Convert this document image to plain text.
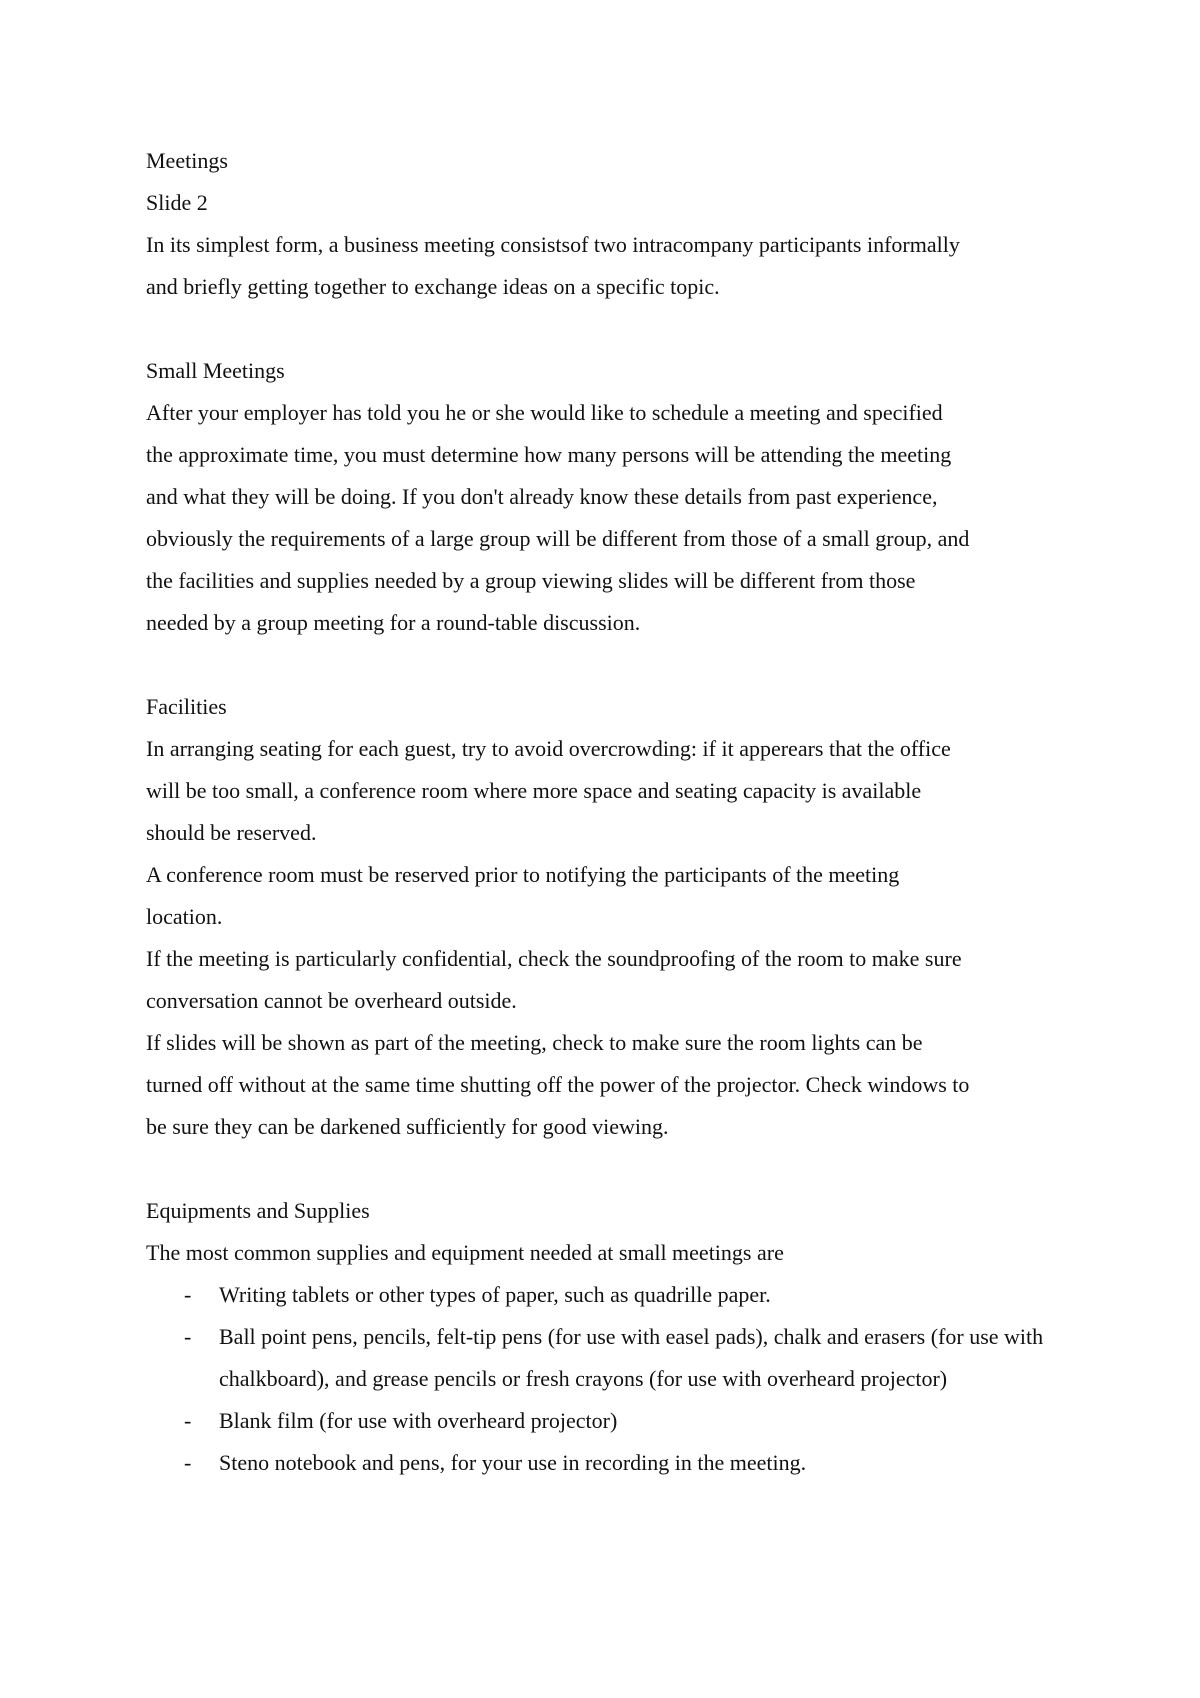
Meetings

Slide 2

In its simplest form, a business meeting consistsof two intracompany participants informally

and briefly getting together to exchange ideas on a specific topic.

Small Meetings

After your employer has told you he or she would like to schedule a meeting and specified

the approximate time, you must determine how many persons will be attending the meeting

and what they will be doing. If you don't already know these details from past experience,

obviously the requirements of a large group will be different from those of a small group, and

the facilities and supplies needed by a group viewing slides will be different from those

needed by a group meeting for a round-table discussion.

Facilities

In arranging seating for each guest, try to avoid overcrowding: if it apperears that the office

will be too small, a conference room where more space and seating capacity is available

should be reserved.

A conference room must be reserved prior to notifying the participants of the meeting

location.

If the meeting is particularly confidential, check the soundproofing of the room to make sure

conversation cannot be overheard outside.

If slides will be shown as part of the meeting, check to make sure the room lights can be

turned off without at the same time shutting off the power of the projector. Check windows to

be sure they can be darkened sufficiently for good viewing.

Equipments and Supplies

The most common supplies and equipment needed at small meetings are

- Writing tablets or other types of paper, such as quadrille paper.
- Ball point pens, pencils, felt-tip pens (for use with easel pads), chalk and erasers (for use with chalkboard), and grease pencils or fresh crayons (for use with overheard projector)
- Blank film (for use with overheard projector)
- Steno notebook and pens, for your use in recording in the meeting.
